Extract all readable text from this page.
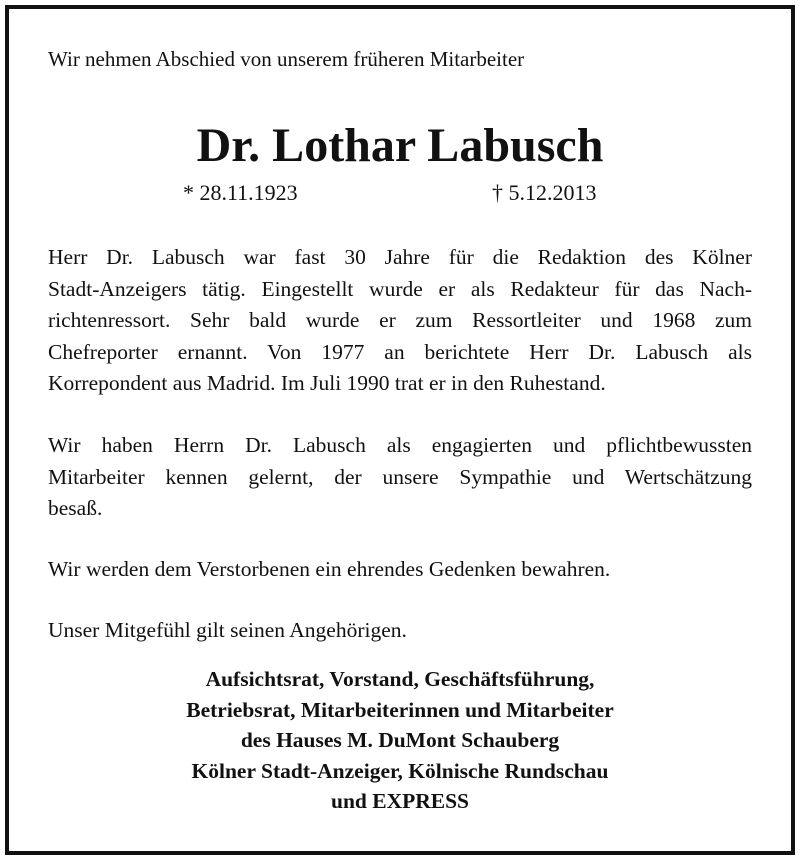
Wir nehmen Abschied von unserem früheren Mitarbeiter
Dr. Lothar Labusch
* 28.11.1923	† 5.12.2013
Herr Dr. Labusch war fast 30 Jahre für die Redaktion des Kölner
Stadt-Anzeigers tätig. Eingestellt wurde er als Redakteur für das Nach-
richtenressort. Sehr bald wurde er zum Ressortleiter und 1968 zum
Chefreporter ernannt. Von 1977 an berichtete Herr Dr. Labusch als
Korrepondent aus Madrid. Im Juli 1990 trat er in den Ruhestand.
Wir haben Herrn Dr. Labusch als engagierten und pflichtbewussten
Mitarbeiter kennen gelernt, der unsere Sympathie und Wertschätzung
besaß.
Wir werden dem Verstorbenen ein ehrendes Gedenken bewahren.
Unser Mitgefühl gilt seinen Angehörigen.
Aufsichtsrat, Vorstand, Geschäftsführung,
Betriebsrat, Mitarbeiterinnen und Mitarbeiter
des Hauses M. DuMont Schauberg
Kölner Stadt-Anzeiger, Kölnische Rundschau
und EXPRESS
